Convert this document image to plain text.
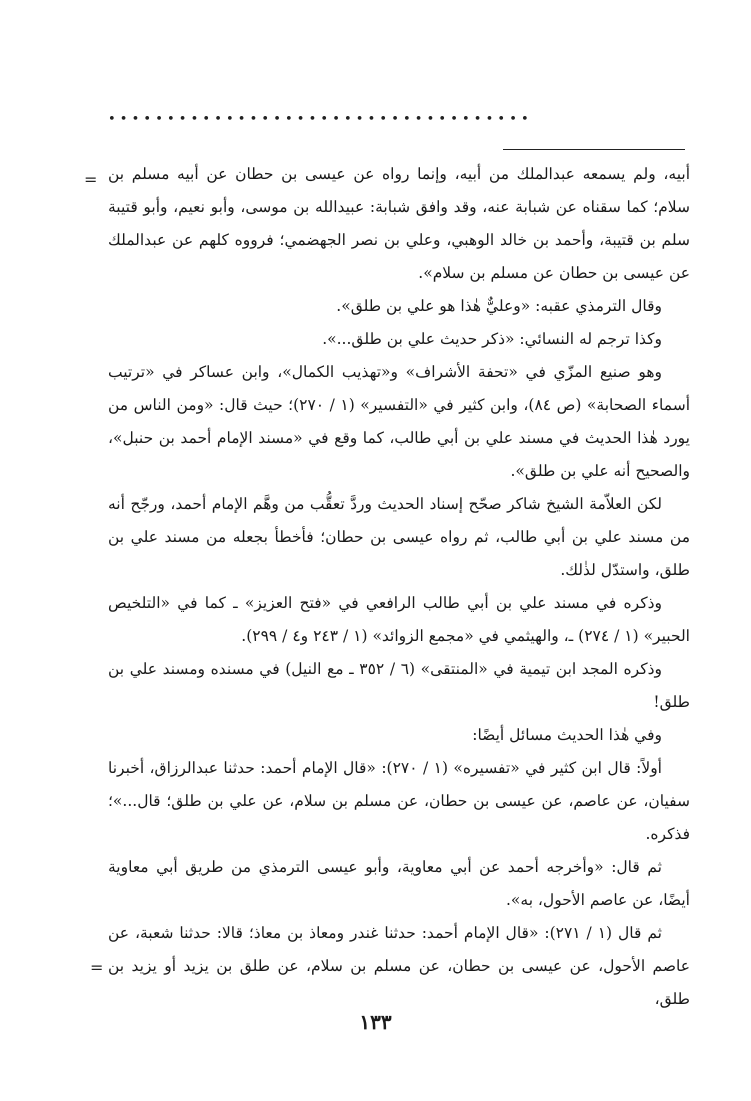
• • • • • • • • • • • • • • • • • • • • • • • • • • • • • • • • • • • •
= أبيه، ولم يسمعه عبدالملك من أبيه، وإنما رواه عن عيسى بن حطان عن أبيه مسلم بن سلام؛ كما سقناه عن شبابة عنه، وقد وافق شبابة: عبيدالله بن موسى، وأبو نعيم، وأبو قتيبة سلم بن قتيبة، وأحمد بن خالد الوهبي، وعلي بن نصر الجهضمي؛ فرووه كلهم عن عبدالملك عن عيسى بن حطان عن مسلم بن سلام».

وقال الترمذي عقبه: «وعليٌّ هٰذا هو علي بن طلق».

وكذا ترجم له النسائي: «ذكر حديث علي بن طلق...».

وهو صنيع المزّي في «تحفة الأشراف» و«تهذيب الكمال»، وابن عساكر في «ترتيب أسماء الصحابة» (ص ٨٤)، وابن كثير في «التفسير» (١ / ٢٧٠)؛ حيث قال: «ومن الناس من يورد هٰذا الحديث في مسند علي بن أبي طالب، كما وقع في «مسند الإمام أحمد بن حنبل»، والصحيح أنه علي بن طلق».

لكن العلاّمة الشيخ شاكر صحّح إسناد الحديث وردَّ تعقُّب من وهَّم الإمام أحمد، ورجّح أنه من مسند علي بن أبي طالب، ثم رواه عيسى بن حطان؛ فأخطأ بجعله من مسند علي بن طلق، واستدّل لذٰلك.

وذكره في مسند علي بن أبي طالب الرافعي في «فتح العزيز» ـ كما في «التلخيص الحبير» (١ / ٢٧٤) ـ، والهيثمي في «مجمع الزوائد» (١ / ٢٤٣ و٤ / ٢٩٩).

وذكره المجد ابن تيمية في «المنتقى» (٦ / ٣٥٢ ـ مع النيل) في مسنده ومسند علي بن طلق!

وفي هٰذا الحديث مسائل أيضًا:

أولاً: قال ابن كثير في «تفسيره» (١ / ٢٧٠): «قال الإمام أحمد: حدثنا عبدالرزاق، أخبرنا سفيان، عن عاصم، عن عيسى بن حطان، عن مسلم بن سلام، عن علي بن طلق؛ قال...»؛ فذكره.

ثم قال: «وأخرجه أحمد عن أبي معاوية، وأبو عيسى الترمذي من طريق أبي معاوية أيضًا، عن عاصم الأحول، به».

ثم قال (١ / ٢٧١): «قال الإمام أحمد: حدثنا غندر ومعاذ بن معاذ؛ قالا: حدثنا شعبة، عن عاصم الأحول، عن عيسى بن حطان، عن مسلم بن سلام، عن طلق بن يزيد أو يزيد بن طلق،

=
١٣٣
